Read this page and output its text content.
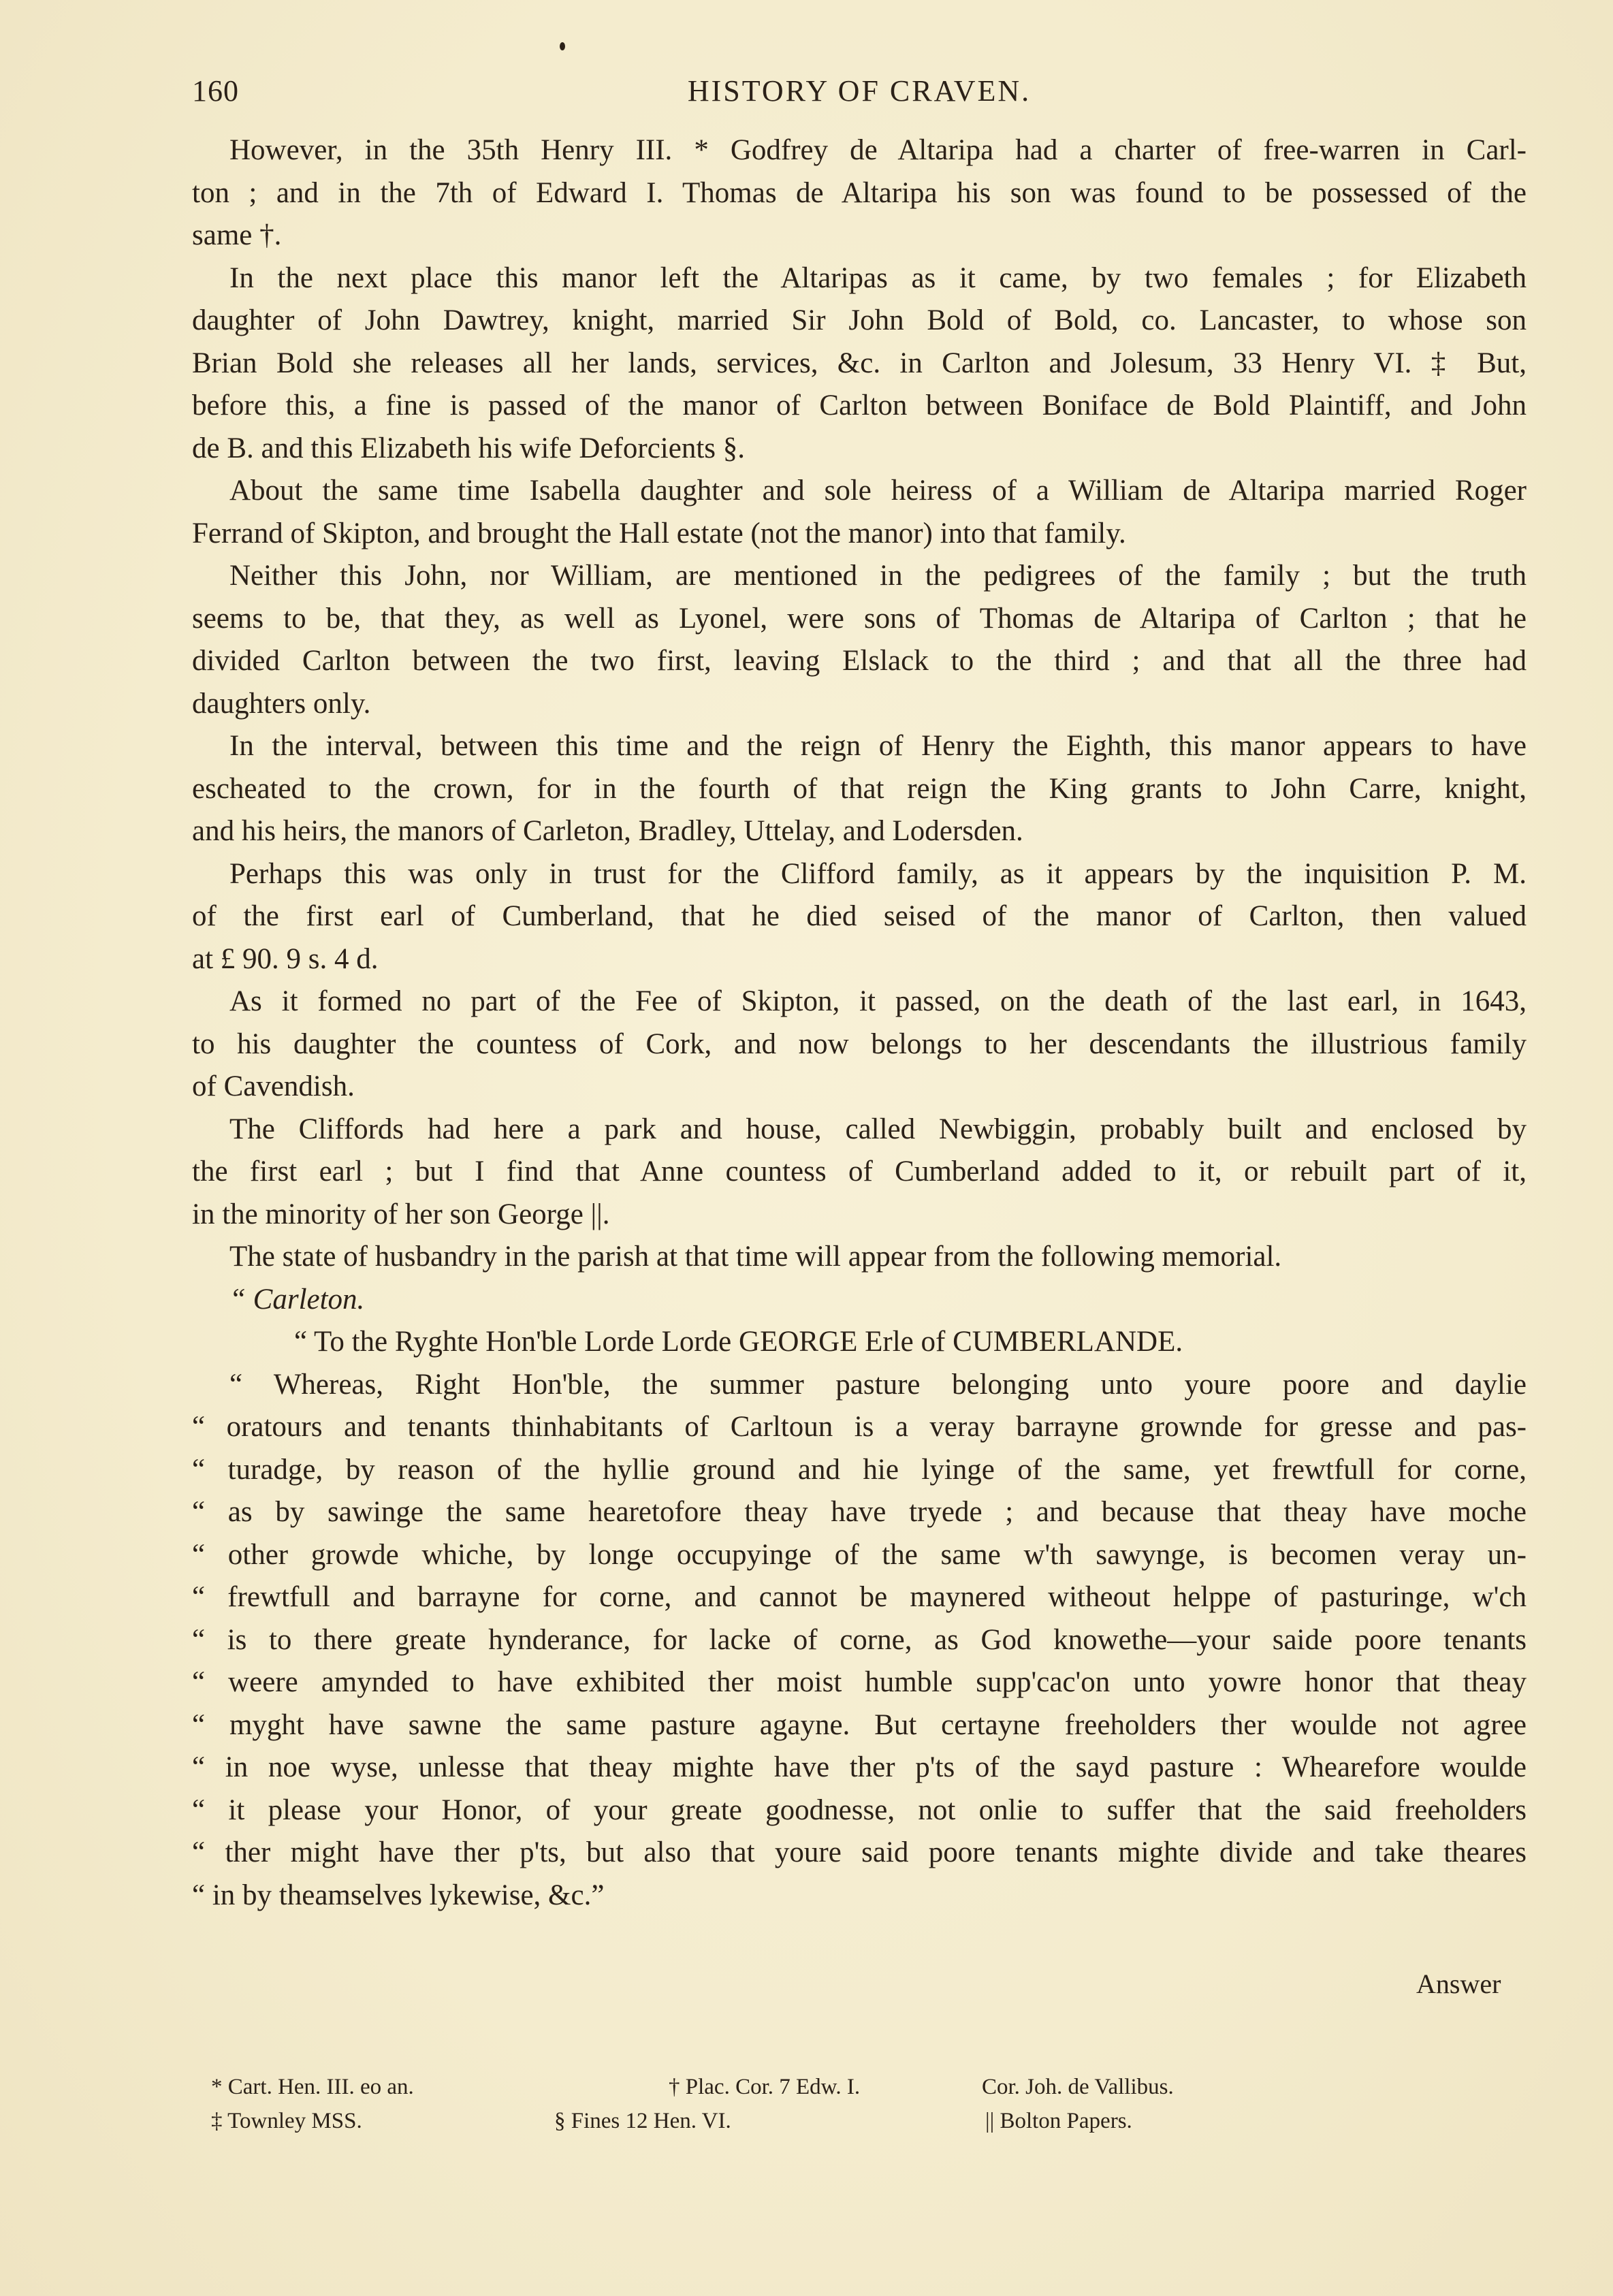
160	HISTORY OF CRAVEN.
However, in the 35th Henry III. * Godfrey de Altaripa had a charter of free-warren in Carl-
ton ; and in the 7th of Edward I. Thomas de Altaripa his son was found to be possessed of the
same †.
In the next place this manor left the Altaripas as it came, by two females ; for Elizabeth
daughter of John Dawtrey, knight, married Sir John Bold of Bold, co. Lancaster, to whose son
Brian Bold she releases all her lands, services, &c. in Carlton and Jolesum, 33 Henry VI. ‡ But,
before this, a fine is passed of the manor of Carlton between Boniface de Bold Plaintiff, and John
de B. and this Elizabeth his wife Deforcients §.
About the same time Isabella daughter and sole heiress of a William de Altaripa married Roger
Ferrand of Skipton, and brought the Hall estate (not the manor) into that family.
Neither this John, nor William, are mentioned in the pedigrees of the family ; but the truth
seems to be, that they, as well as Lyonel, were sons of Thomas de Altaripa of Carlton ; that he
divided Carlton between the two first, leaving Elslack to the third ; and that all the three had
daughters only.
In the interval, between this time and the reign of Henry the Eighth, this manor appears to have
escheated to the crown, for in the fourth of that reign the King grants to John Carre, knight,
and his heirs, the manors of Carleton, Bradley, Uttelay, and Lodersden.
Perhaps this was only in trust for the Clifford family, as it appears by the inquisition P. M.
of the first earl of Cumberland, that he died seised of the manor of Carlton, then valued
at £ 90. 9 s. 4 d.
As it formed no part of the Fee of Skipton, it passed, on the death of the last earl, in 1643,
to his daughter the countess of Cork, and now belongs to her descendants the illustrious family
of Cavendish.
The Cliffords had here a park and house, called Newbiggin, probably built and enclosed by
the first earl ; but I find that Anne countess of Cumberland added to it, or rebuilt part of it,
in the minority of her son George ||.
The state of husbandry in the parish at that time will appear from the following memorial.
“ Carleton.
“ To the Ryghte Hon'ble Lorde Lorde GEORGE Erle of CUMBERLANDE.
“ Whereas, Right Hon'ble, the summer pasture belonging unto youre poore and daylie
“ oratours and tenants thinhabitants of Carltoun is a veray barrayne grownde for gresse and pas-
“ turadge, by reason of the hyllie ground and hie lyinge of the same, yet frewtfull for corne,
“ as by sawinge the same hearetofore theay have tryede ; and because that theay have moche
“ other growde whiche, by longe occupyinge of the same w'th sawynge, is becomen veray un-
“ frewtfull and barrayne for corne, and cannot be maynered witheout helppe of pasturinge, w'ch
“ is to there greate hynderance, for lacke of corne, as God knowethe—your saide poore tenants
“ weere amynded to have exhibited ther moist humble supp'cac'on unto yowre honor that theay
“ myght have sawne the same pasture agayne. But certayne freeholders ther woulde not agree
“ in noe wyse, unlesse that theay mighte have ther p'ts of the sayd pasture : Whearefore woulde
“ it please your Honor, of your greate goodnesse, not onlie to suffer that the said freeholders
“ ther might have ther p'ts, but also that youre said poore tenants mighte divide and take theares
“ in by theamselves lykewise, &c.”
* Cart. Hen. III. eo an.	† Plac. Cor. 7 Edw. I.	Cor. Joh. de Vallibus.
‡ Townley MSS.	§ Fines 12 Hen. VI.	|| Bolton Papers.
Answer
